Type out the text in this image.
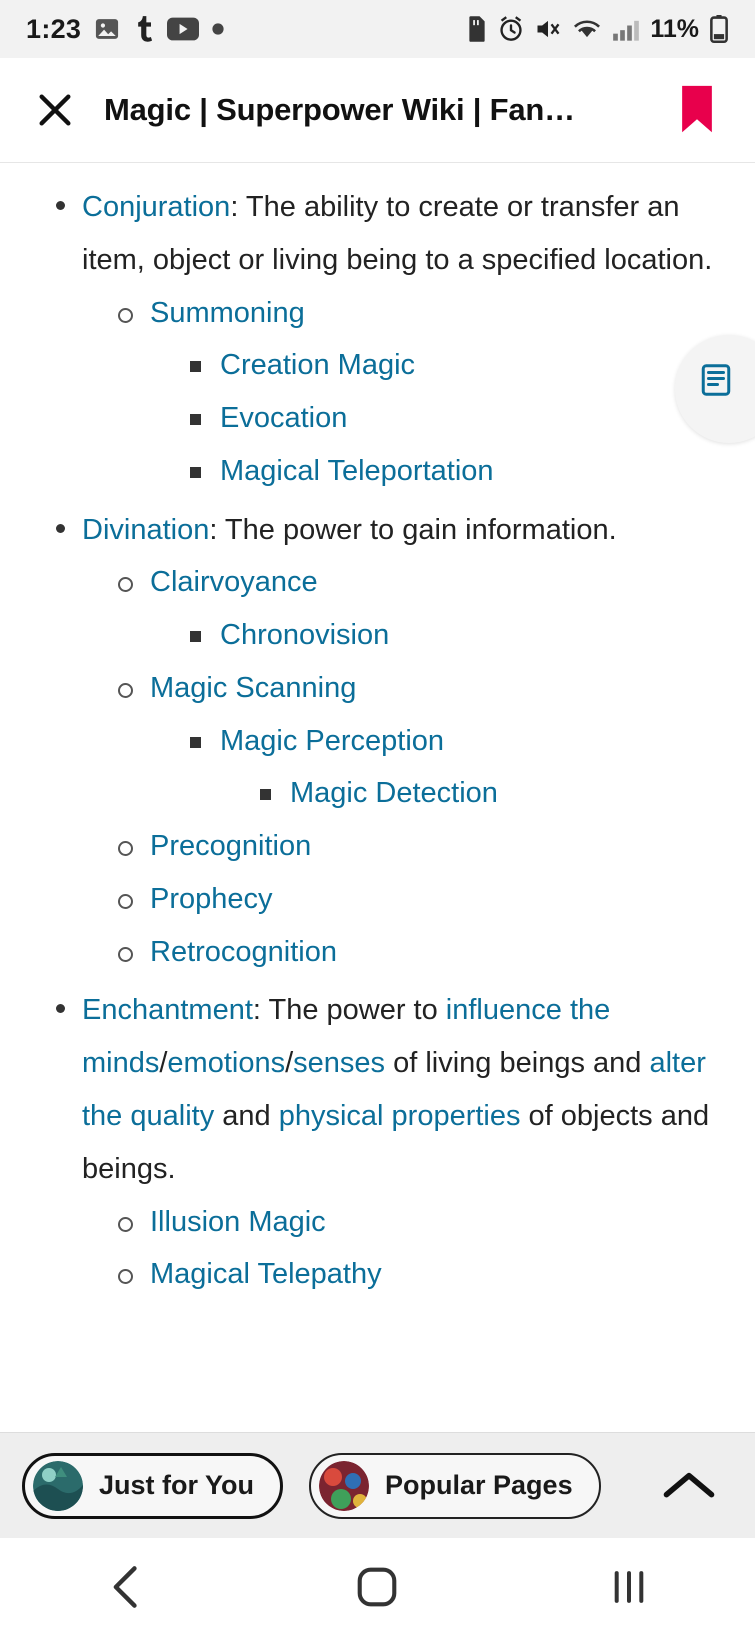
1:23	11%
Magic | Superpower Wiki | Fan…
Conjuration: The ability to create or transfer an item, object or living being to a specified location.
Summoning
Creation Magic
Evocation
Magical Teleportation
Divination: The power to gain information.
Clairvoyance
Chronovision
Magic Scanning
Magic Perception
Magic Detection
Precognition
Prophecy
Retrocognition
Enchantment: The power to influence the minds/emotions/senses of living beings and alter the quality and physical properties of objects and beings.
Illusion Magic
Magical Telepathy
Just for You	Popular Pages
